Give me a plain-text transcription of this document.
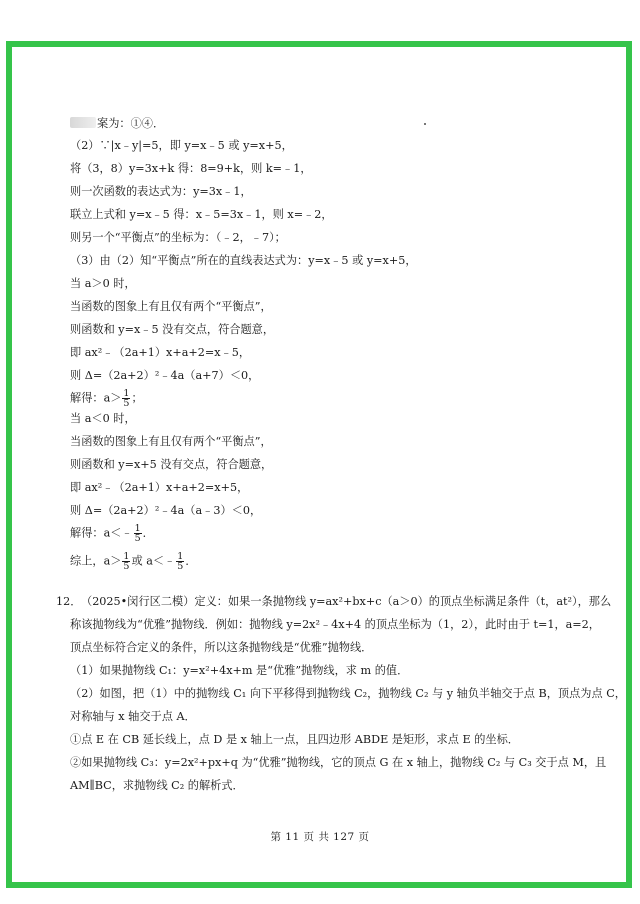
案为：①④．
（2）∵|x﹣y|=5，即 y=x﹣5 或 y=x+5，
将（3，8）y=3x+k 得：8=9+k，则 k=﹣1，
则一次函数的表达式为：y=3x﹣1，
联立上式和 y=x﹣5 得：x﹣5=3x﹣1，则 x=﹣2，
则另一个“平衡点”的坐标为：（﹣2，﹣7）；
（3）由（2）知“平衡点”所在的直线表达式为：y=x﹣5 或 y=x+5，
当 a＞0 时，
当函数的图象上有且仅有两个“平衡点”，
则函数和 y=x﹣5 没有交点，符合题意，
即 ax²﹣（2a+1）x+a+2=x﹣5，
则 Δ=（2a+2）²﹣4a（a+7）＜0，
解得：$a> \frac{1}{5}$ ；
当 a＜0 时，
当函数的图象上有且仅有两个“平衡点”，
则函数和 y=x+5 没有交点，符合题意，
即 ax²﹣（2a+1）x+a+2=x+5，
则 Δ=（2a+2）²﹣4a（a﹣3）＜0，
解得：a＜﹣ $\frac{1}{5}$ ．
综上，$a> \frac{1}{5}$ 或 a＜﹣ $\frac{1}{5}$ ．
12． （2025•闵行区二模）定义：如果一条抛物线 y=ax²+bx+c（a＞0）的顶点坐标满足条件（t，at²），那么
称该抛物线为“优雅”抛物线．例如：抛物线 y=2x²﹣4x+4 的顶点坐标为（1，2），此时由于 t=1，a=2，
顶点坐标符合定义的条件，所以这条抛物线是“优雅”抛物线．
（1）如果抛物线 C₁：y=x²+4x+m 是“优雅”抛物线，求 m 的值．
（2）如图，把（1）中的抛物线 C₁ 向下平移得到抛物线 C₂，抛物线 C₂ 与 y 轴负半轴交于点 B，顶点为点 C，
对称轴与 x 轴交于点 A．
①点 E 在 CB 延长线上，点 D 是 x 轴上一点，且四边形 ABDE 是矩形，求点 E 的坐标．
②如果抛物线 C₃：y=2x²+px+q 为“优雅”抛物线，它的顶点 G 在 x 轴上，抛物线 C₂ 与 C₃ 交于点 M，且
AM∥BC，求抛物线 C₂ 的解析式．
第 11 页 共 127 页
